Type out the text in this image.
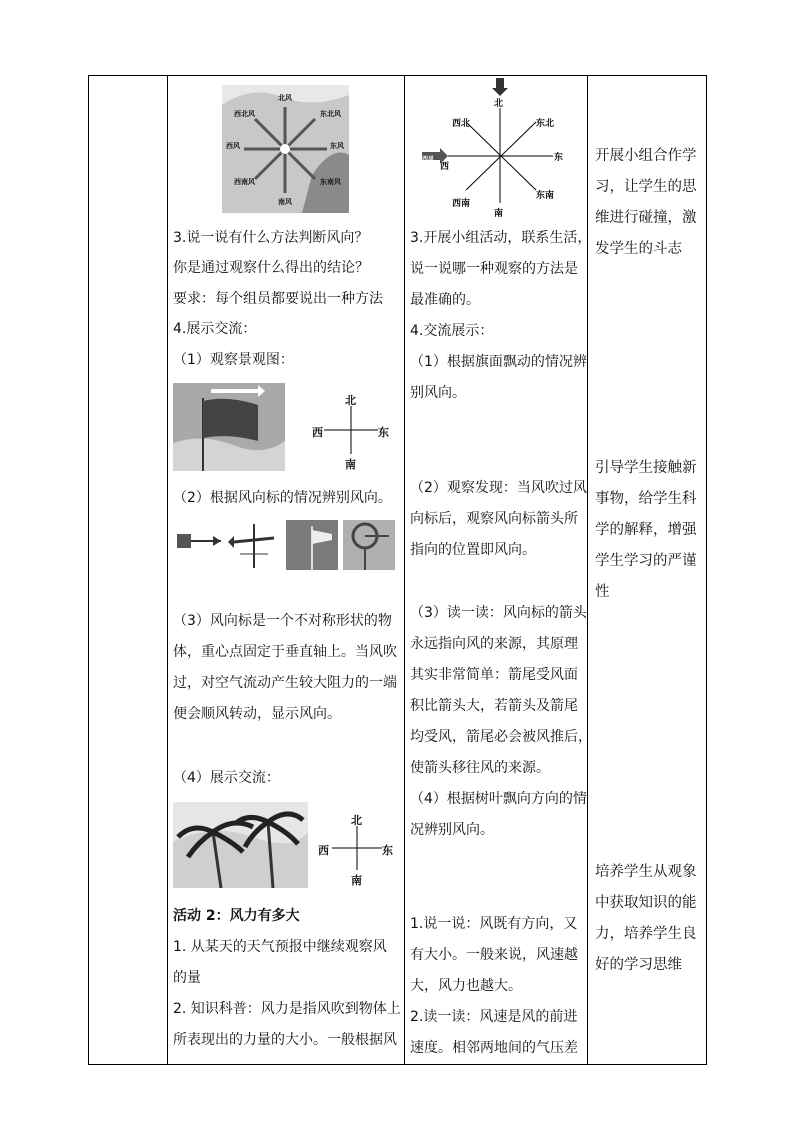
北风
西北风	东北风
西风	东风
西南风	东南风
南风
3.说一说有什么方法判断风向？
你是通过观察什么得出的结论？
要求：每个组员都要说出一种方法
4.展示交流：
（1）观察景观图：
北
南
西	东
（2）根据风向标的情况辨别风向。
（3）风向标是一个不对称形状的物
体，重心点固定于垂直轴上。当风吹
过，对空气流动产生较大阻力的一端
便会顺风转动，显示风向。
（4）展示交流：
北
南
西	东
活动 2：风力有多大
1. 从某天的天气预报中继续观察风
的量
2. 知识科普：风力是指风吹到物体上
所表现出的力量的大小。一般根据风
北
南
西
东
西北	东北
西南
东南
西风
3.开展小组活动，联系生活，
说一说哪一种观察的方法是
最准确的。
4.交流展示：
（1）根据旗面飘动的情况辨
别风向。
（2）观察发现：当风吹过风
向标后，观察风向标箭头所
指向的位置即风向。
（3）读一读：风向标的箭头
永远指向风的来源，其原理
其实非常简单：箭尾受风面
积比箭头大，若箭头及箭尾
均受风，箭尾必会被风推后，
使箭头移往风的来源。
（4）根据树叶飘向方向的情
况辨别风向。
1.说一说：风既有方向，又
有大小。一般来说，风速越
大，风力也越大。
2.读一读：风速是风的前进
速度。相邻两地间的气压差
开展小组合作学
习，让学生的思
维进行碰撞，激
发学生的斗志
引导学生接触新
事物，给学生科
学的解释，增强
学生学习的严谨
性
培养学生从观象
中获取知识的能
力，培养学生良
好的学习思维
